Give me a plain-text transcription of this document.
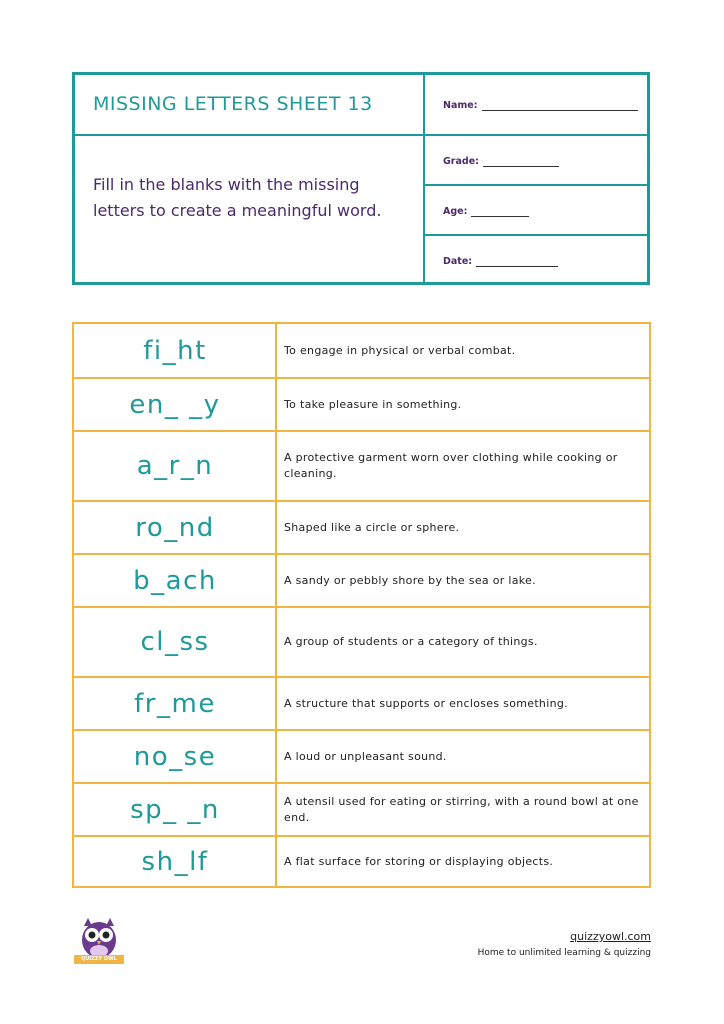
MISSING LETTERS SHEET 13
Fill in the blanks with the missing letters to create a meaningful word.
Name:
Grade:
Age:
Date:
fi_ht	To engage in physical or verbal combat.
en_ _y	To take pleasure in something.
a_r_n	A protective garment worn over clothing while cooking or cleaning.
ro_nd	Shaped like a circle or sphere.
b_ach	A sandy or pebbly shore by the sea or lake.
cl_ss	A group of students or a category of things.
fr_me	A structure that supports or encloses something.
no_se	A loud or unpleasant sound.
sp_ _n	A utensil used for eating or stirring, with a round bowl at one end.
sh_lf	A flat surface for storing or displaying objects.
QUIZZY OWL
quizzyowl.com
Home to unlimited learning & quizzing
